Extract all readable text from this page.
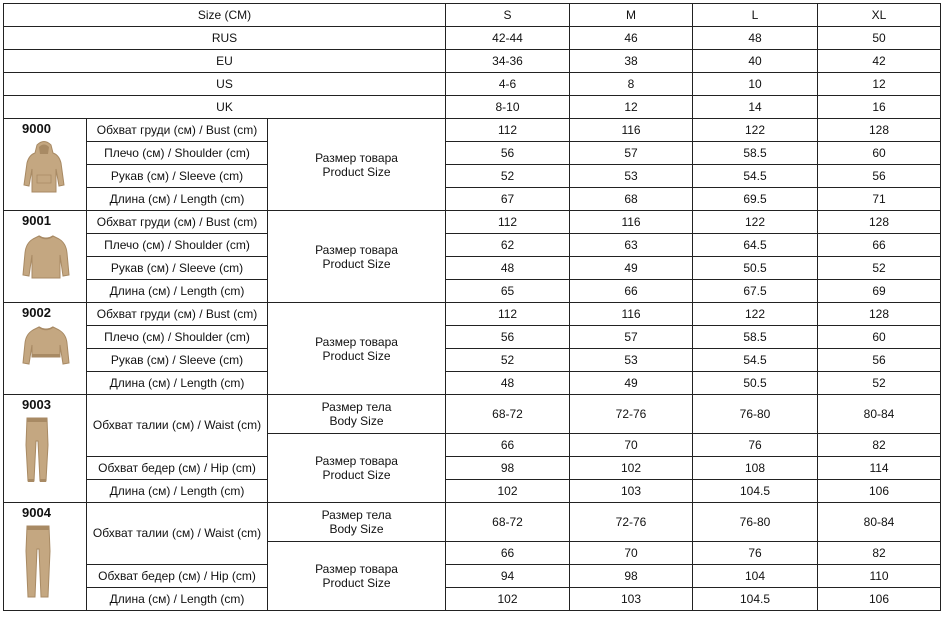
Size (CM)			S	M	L	XL
RUS			42-44	46	48	50
EU			34-36	38	40	42
US			4-6	8	10	12
UK			8-10	12	14	16

9000	Обхват груди (см) / Bust (cm)	Размер товара
Product Size	112	116	122	128
	Плечо (см) / Shoulder (cm)		56	57	58.5	60
	Рукав (см) / Sleeve (cm)		52	53	54.5	56
	Длина (см) / Length (cm)		67	68	69.5	71

9001	Обхват груди (см) / Bust (cm)	Размер товара
Product Size	112	116	122	128
	Плечо (см) / Shoulder (cm)		62	63	64.5	66
	Рукав (см) / Sleeve (cm)		48	49	50.5	52
	Длина (см) / Length (cm)		65	66	67.5	69

9002	Обхват груди (см) / Bust (cm)	Размер товара
Product Size	112	116	122	128
	Плечо (см) / Shoulder (cm)		56	57	58.5	60
	Рукав (см) / Sleeve (cm)		52	53	54.5	56
	Длина (см) / Length (cm)		48	49	50.5	52

9003	Обхват талии (см) / Waist (cm)	Размер тела
Body Size	68-72	72-76	76-80	80-84
		Размер товара
Product Size	66	70	76	82
	Обхват бедер (см) / Hip (cm)		98	102	108	114
	Длина (см) / Length (cm)		102	103	104.5	106

9004	Обхват талии (см) / Waist (cm)	Размер тела
Body Size	68-72	72-76	76-80	80-84
		Размер товара
Product Size	66	70	76	82
	Обхват бедер (см) / Hip (cm)		94	98	104	110
	Длина (см) / Length (cm)		102	103	104.5	106
